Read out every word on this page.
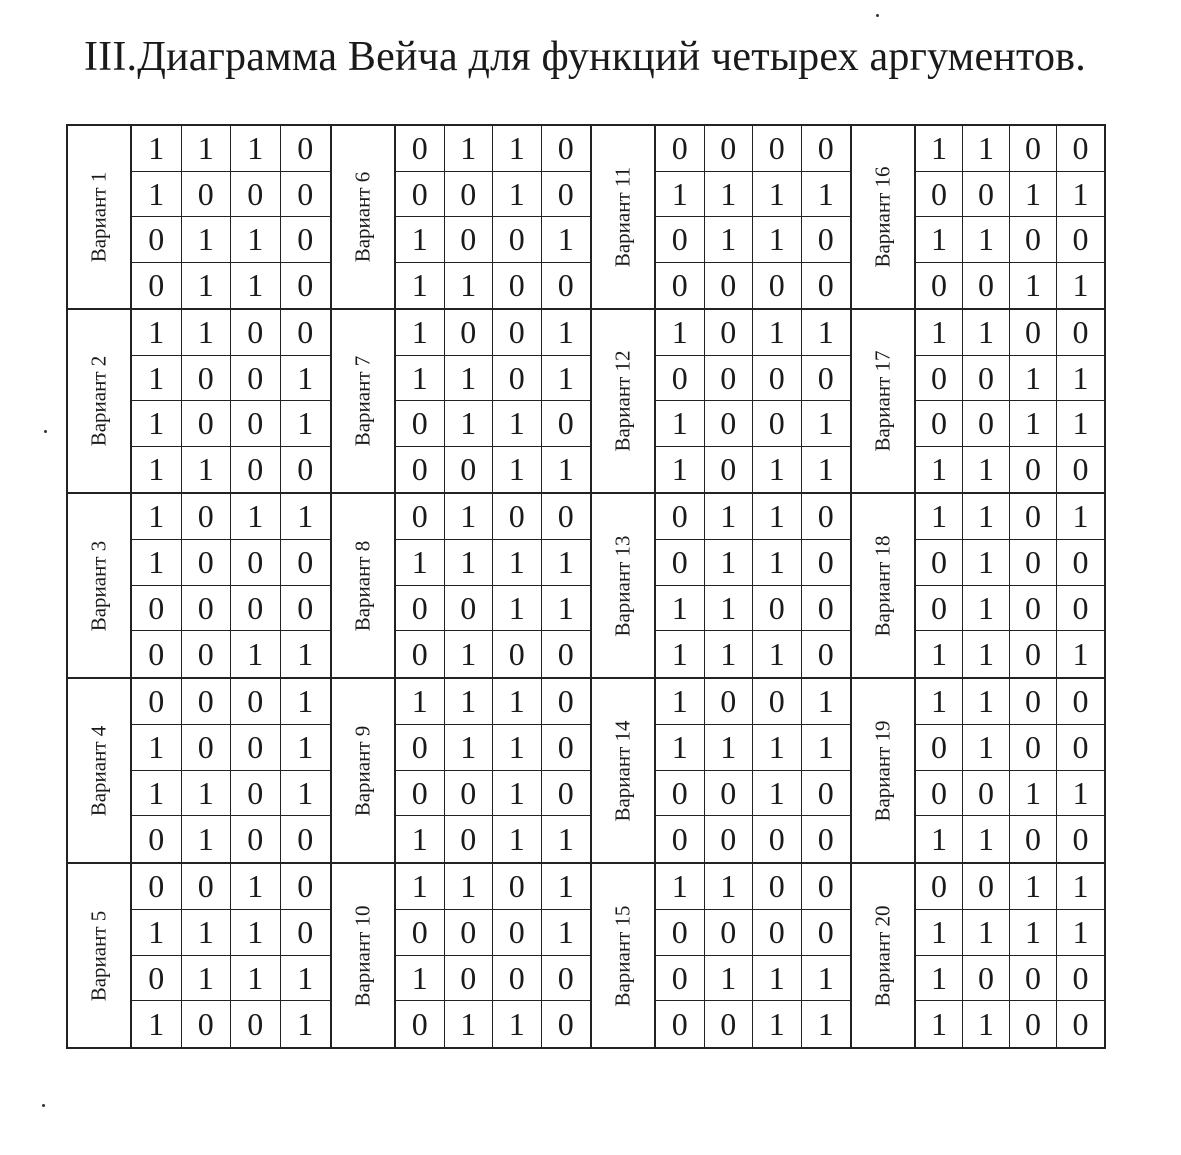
III.Диаграмма Вейча для функций четырех аргументов.
Вариант 1
1	1	1	0
1	0	0	0
0	1	1	0
0	1	1	0
Вариант 2
1	1	0	0
1	0	0	1
1	0	0	1
1	1	0	0
Вариант 3
1	0	1	1
1	0	0	0
0	0	0	0
0	0	1	1
Вариант 4
0	0	0	1
1	0	0	1
1	1	0	1
0	1	0	0
Вариант 5
0	0	1	0
1	1	1	0
0	1	1	1
1	0	0	1
Вариант 6
0	1	1	0
0	0	1	0
1	0	0	1
1	1	0	0
Вариант 7
1	0	0	1
1	1	0	1
0	1	1	0
0	0	1	1
Вариант 8
0	1	0	0
1	1	1	1
0	0	1	1
0	1	0	0
Вариант 9
1	1	1	0
0	1	1	0
0	0	1	0
1	0	1	1
Вариант 10
1	1	0	1
0	0	0	1
1	0	0	0
0	1	1	0
Вариант 11
0	0	0	0
1	1	1	1
0	1	1	0
0	0	0	0
Вариант 12
1	0	1	1
0	0	0	0
1	0	0	1
1	0	1	1
Вариант 13
0	1	1	0
0	1	1	0
1	1	0	0
1	1	1	0
Вариант 14
1	0	0	1
1	1	1	1
0	0	1	0
0	0	0	0
Вариант 15
1	1	0	0
0	0	0	0
0	1	1	1
0	0	1	1
Вариант 16
1 1 0 0
0 0 1 1
1 1 0 0
0 0 1 1
Вариант 17
1 1 0 0
0 0 1 1
0 0 1 1
1 1 0 0
Вариант 18
1 1 0 1
0 1 0 0
0 1 0 0
1 1 0 1
Вариант 19
1 1 0 0
0 1 0 0
0 0 1 1
1 1 0 0
Вариант 20
0 0 1 1
1 1 1 1
1 0 0 0
1 1 0 0
